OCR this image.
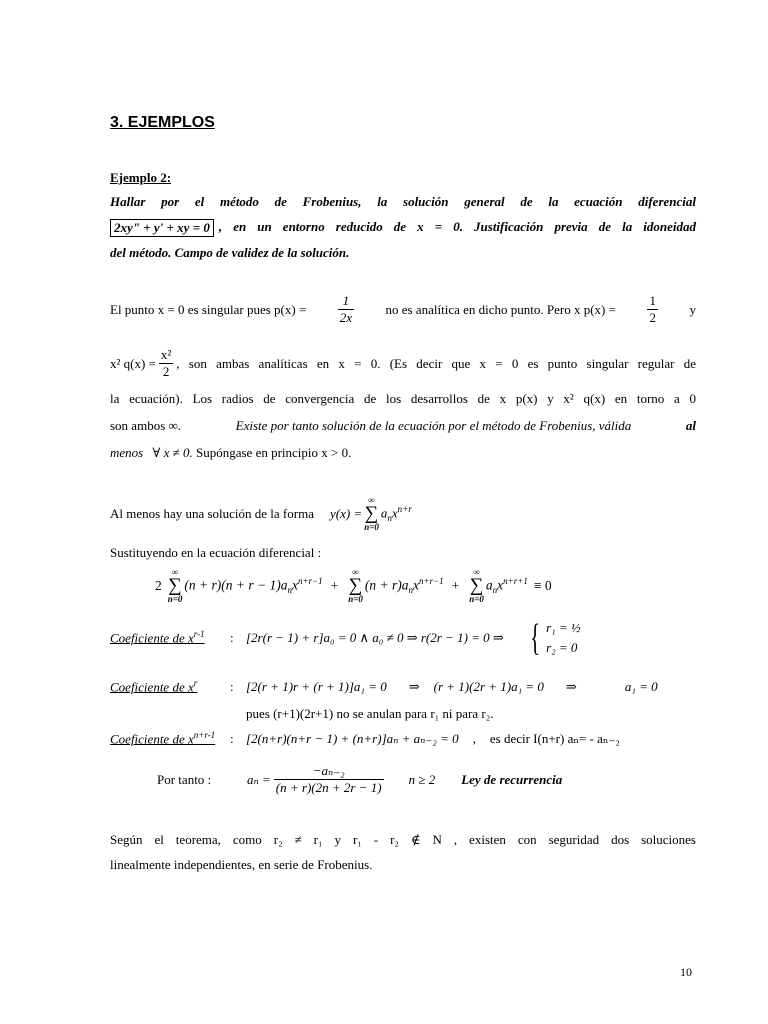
3. EJEMPLOS
Ejemplo 2:
Hallar por el método de Frobenius, la solución general de la ecuación diferencial
2xy" + y' + xy = 0 , en un entorno reducido de x = 0. Justificación previa de la idoneidad
del método. Campo de validez de la solución.
El punto x = 0 es singular pues $p(x) = \frac{1}{2x}$ no es analítica en dicho punto. Pero x $p(x) = \frac{1}{2}$ y
x² $q(x) = \frac{\text{x²}}{2}$ , son ambas analíticas en x = 0. (Es decir que x = 0 es punto singular regular de
la ecuación). Los radios de convergencia de los desarrollos de x p(x) y x² q(x) en torno a 0
son ambos ∞.	Existe por tanto solución de la ecuación por el método de Frobenius, válida	al
menos ∀ x ≠ 0. Supóngase en principio x > 0.
Al menos hay una solución de la forma y(x) =
∞
∑
n=0
$a_nx^{n+r}$
Sustituyendo en la ecuación diferencial :
2
∞
∑
n=0
$(n + r)(n + r - 1)a_nx^{n+r-1}$ +
∞
∑
n=0
$(n + r)a_nx^{n+r-1}$ +
∞
∑
n=0
$a_nx^{n+r+1} \equiv 0$
Coeficiente de $x^{r-1}$	: [2r(r − 1) + r]a₀ = 0 ∧ a₀ ≠ 0 ⇒ r(2r − 1) = 0 ⇒ { r₁ = ½
r₂ = 0
Coeficiente de $x^r$	: [2(r + 1)r + (r + 1)]a₁ = 0 ⇒ (r + 1)(2r + 1)a₁ = 0 ⇒	a₁ = 0
pues (r+1)(2r+1) no se anulan para r₁ ni para r₂.
Coeficiente de $x^{n+r-1}$	: [2(n+r)(n+r − 1) + (n+r)]aₙ + aₙ₋₂ = 0 , es decir I(n+r) aₙ= - aₙ₋₂
Por tanto :	$a_n = \frac{\text{−aₙ₋₂}}{(n + r)(2n + 2r - 1)}$ n ≥ 2 Ley de recurrencia
Según el teorema, como r₂ ≠ r₁ y r₁ - r₂ ∉ N , existen con seguridad dos soluciones
linealmente independientes, en serie de Frobenius.
10
